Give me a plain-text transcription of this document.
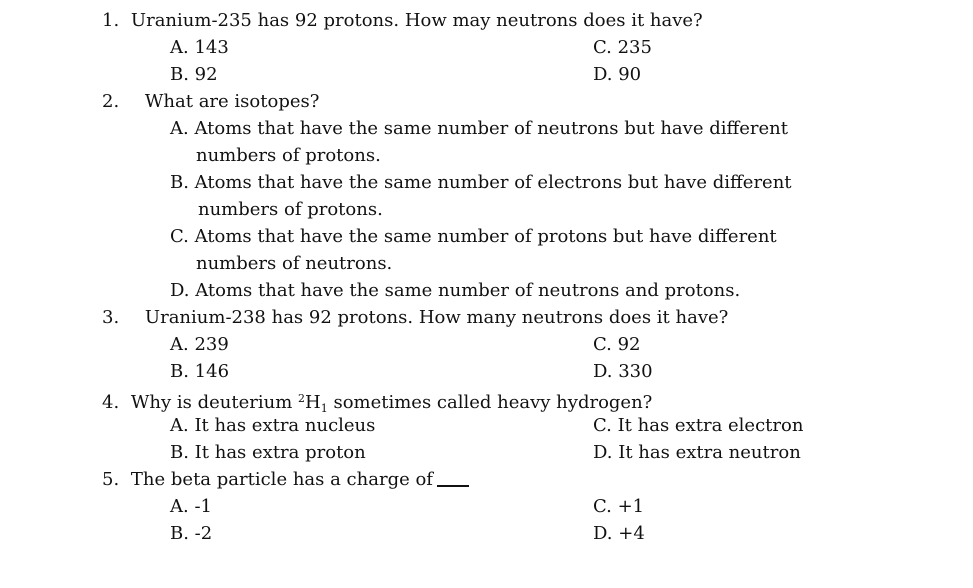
1. Uranium-235 has 92 protons. How may neutrons does it have?
A. 143	C. 235
B. 92	D. 90
2. What are isotopes?
A. Atoms that have the same number of neutrons but have different
numbers of protons.
B. Atoms that have the same number of electrons but have different
numbers of protons.
C. Atoms that have the same number of protons but have different
numbers of neutrons.
D. Atoms that have the same number of neutrons and protons.
3. Uranium-238 has 92 protons. How many neutrons does it have?
A. 239	C. 92
B. 146	D. 330
4. Why is deuterium $^2H_1$ sometimes called heavy hydrogen?
A. It has extra nucleus	C. It has extra electron
B. It has extra proton	D. It has extra neutron
5. The beta particle has a charge of
A. -1	C. +1
B. -2	D. +4
